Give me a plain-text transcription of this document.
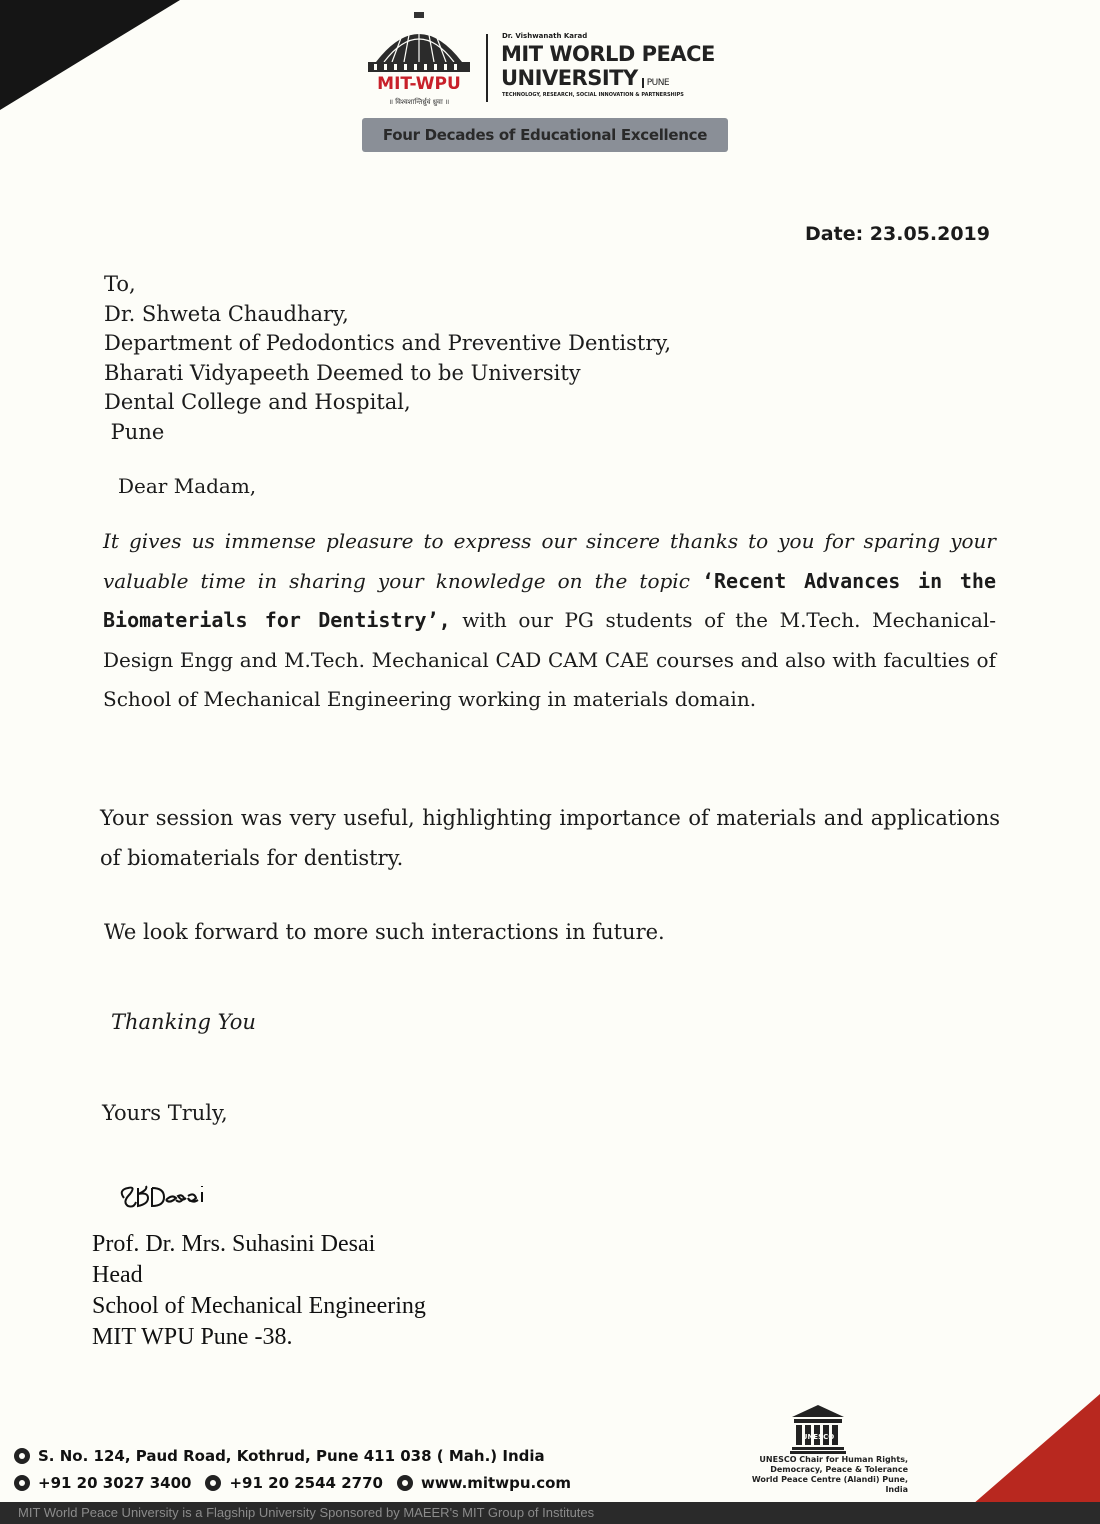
MIT-WPU
॥ विश्वशान्तिर्ध्रुवं ध्रुवा ॥
Dr. Vishwanath Karad
MIT WORLD PEACE
UNIVERSITY PUNE
TECHNOLOGY, RESEARCH, SOCIAL INNOVATION & PARTNERSHIPS
Four Decades of Educational Excellence
Date: 23.05.2019
To,
Dr. Shweta Chaudhary,
Department of Pedodontics and Preventive Dentistry,
Bharati Vidyapeeth Deemed to be University
Dental College and Hospital,
Pune
Dear Madam,
It gives us immense pleasure to express our sincere thanks to you for sparing your valuable time in sharing your knowledge on the topic ‘Recent Advances in the Biomaterials for Dentistry’, with our PG students of the M.Tech. Mechanical-Design Engg and M.Tech. Mechanical CAD CAM CAE courses and also with faculties of School of Mechanical Engineering working in materials domain.
Your session was very useful, highlighting importance of materials and applications of biomaterials for dentistry.
We look forward to more such interactions in future.
Thanking You
Yours Truly,
Prof. Dr. Mrs. Suhasini Desai
Head
School of Mechanical Engineering
MIT WPU Pune -38.
S. No. 124, Paud Road, Kothrud, Pune 411 038 ( Mah.) India
+91 20 3027 3400	+91 20 2544 2770	www.mitwpu.com
UNESCO
UNESCO Chair for Human Rights,
Democracy, Peace & Tolerance
World Peace Centre (Alandi) Pune, India
MIT World Peace University is a Flagship University Sponsored by MAEER's MIT Group of Institutes
